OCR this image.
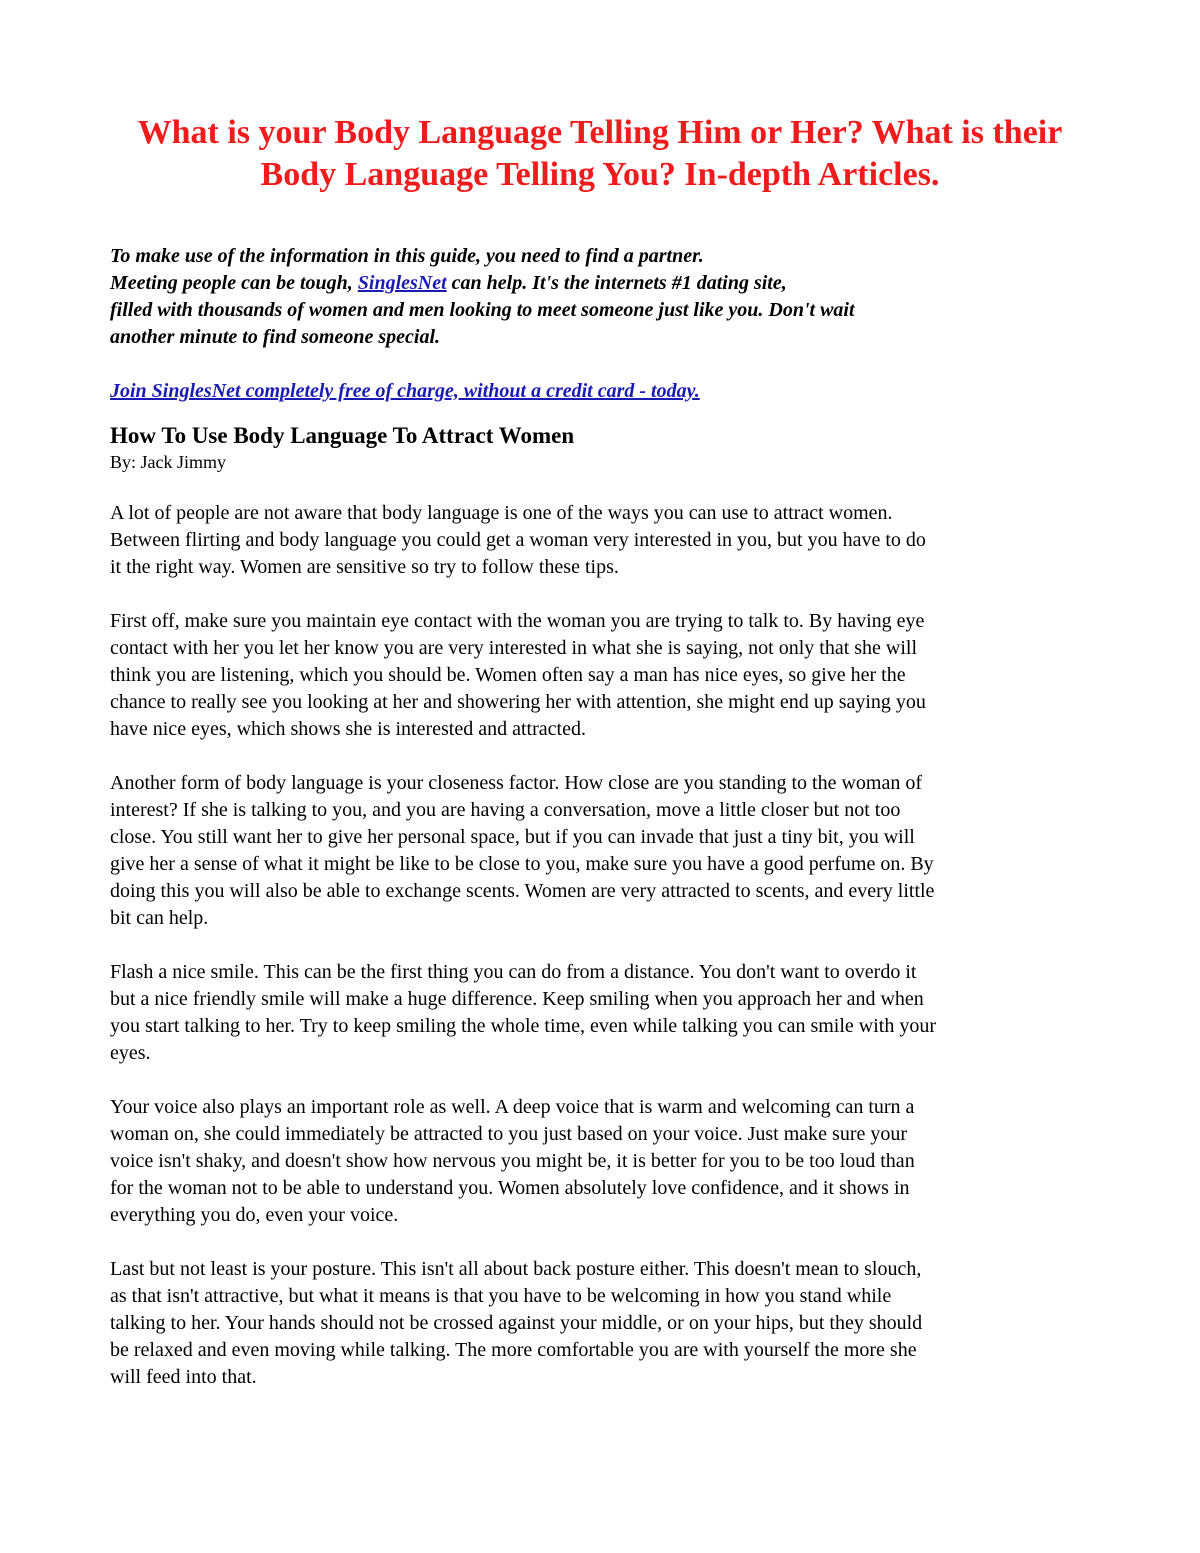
What is your Body Language Telling Him or Her? What is their
Body Language Telling You? In-depth Articles.
To make use of the information in this guide, you need to find a partner.
Meeting people can be tough, SinglesNet can help. It's the internets #1 dating site,
filled with thousands of women and men looking to meet someone just like you. Don't wait
another minute to find someone special.

Join SinglesNet completely free of charge, without a credit card - today.

How To Use Body Language To Attract Women

By: Jack Jimmy

A lot of people are not aware that body language is one of the ways you can use to attract women.
Between flirting and body language you could get a woman very interested in you, but you have to do
it the right way. Women are sensitive so try to follow these tips.
First off, make sure you maintain eye contact with the woman you are trying to talk to. By having eye
contact with her you let her know you are very interested in what she is saying, not only that she will
think you are listening, which you should be. Women often say a man has nice eyes, so give her the
chance to really see you looking at her and showering her with attention, she might end up saying you
have nice eyes, which shows she is interested and attracted.
Another form of body language is your closeness factor. How close are you standing to the woman of
interest? If she is talking to you, and you are having a conversation, move a little closer but not too
close. You still want her to give her personal space, but if you can invade that just a tiny bit, you will
give her a sense of what it might be like to be close to you, make sure you have a good perfume on. By
doing this you will also be able to exchange scents. Women are very attracted to scents, and every little
bit can help.
Flash a nice smile. This can be the first thing you can do from a distance. You don't want to overdo it
but a nice friendly smile will make a huge difference. Keep smiling when you approach her and when
you start talking to her. Try to keep smiling the whole time, even while talking you can smile with your
eyes.
Your voice also plays an important role as well. A deep voice that is warm and welcoming can turn a
woman on, she could immediately be attracted to you just based on your voice. Just make sure your
voice isn't shaky, and doesn't show how nervous you might be, it is better for you to be too loud than
for the woman not to be able to understand you. Women absolutely love confidence, and it shows in
everything you do, even your voice.
Last but not least is your posture. This isn't all about back posture either. This doesn't mean to slouch,
as that isn't attractive, but what it means is that you have to be welcoming in how you stand while
talking to her. Your hands should not be crossed against your middle, or on your hips, but they should
be relaxed and even moving while talking. The more comfortable you are with yourself the more she
will feed into that.
